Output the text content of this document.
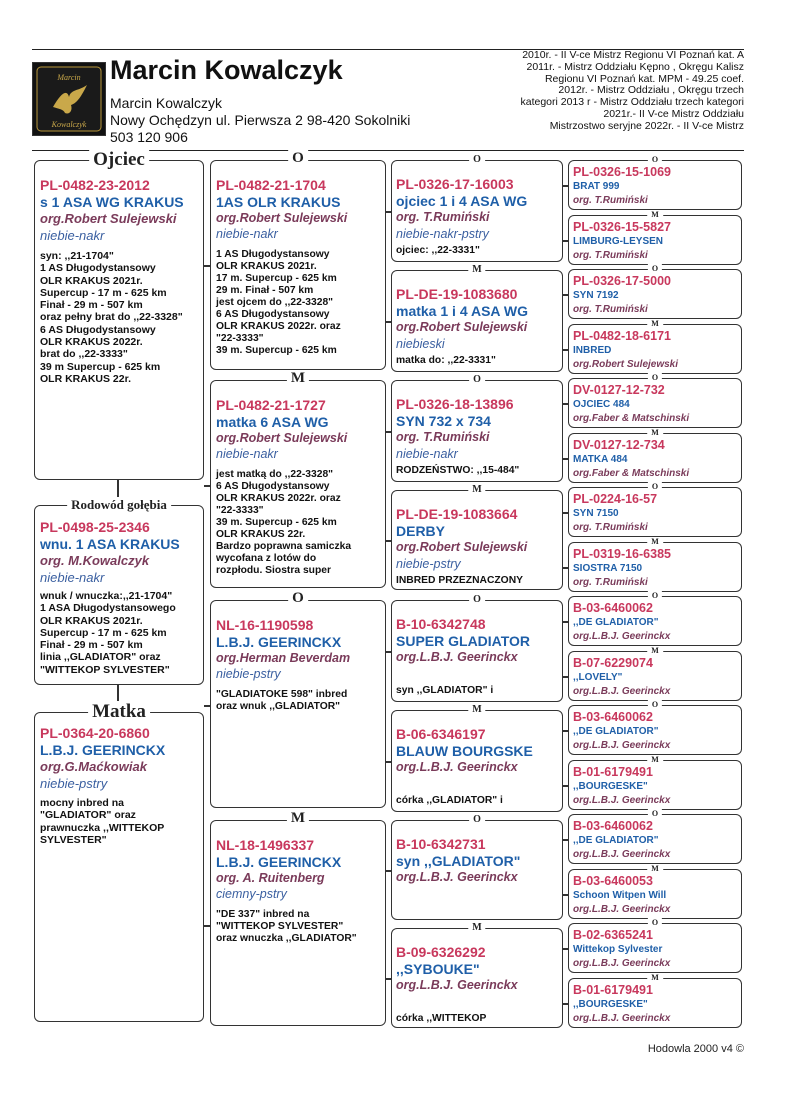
Marcin
Kowalczyk
Marcin Kowalczyk
Marcin Kowalczyk
Nowy Ochędzyn ul. Pierwsza 2 98-420 Sokolniki
503 120 906
2010r. - II V-ce Mistrz Regionu VI Poznań kat. A
2011r. - Mistrz Oddziału Kępno , Okręgu Kalisz
Regionu VI Poznań kat. MPM - 49.25 coef.
2012r. - Mistrz Oddziału , Okręgu trzech
kategori 2013 r - Mistrz Oddziału trzech kategori
2021r.- II V-ce Mistrz Oddziału
Mistrzostwo seryjne 2022r. - II V-ce Mistrz
Ojciec
PL-0482-23-2012
s 1 ASA WG KRAKUS
org.Robert Sulejewski
niebie-nakr
syn: ,,21-1704"
1 AS Długodystansowy
OLR KRAKUS 2021r.
Supercup - 17 m - 625 km
Finał - 29 m - 507 km
oraz pełny brat do ,,22-3328"
6 AS Długodystansowy
OLR KRAKUS 2022r.
brat do ,,22-3333"
39 m Supercup - 625 km
OLR KRAKUS 22r.
Rodowód gołębia
PL-0498-25-2346
wnu. 1 ASA KRAKUS
org. M.Kowalczyk
niebie-nakr
wnuk / wnuczka:,,21-1704"
1 ASA Długodystansowego
OLR KRAKUS 2021r.
Supercup - 17 m - 625 km
Finał - 29 m - 507 km
linia ,,GLADIATOR" oraz
"WITTEKOP SYLVESTER"
Matka
PL-0364-20-6860
L.B.J. GEERINCKX
org.G.Maćkowiak
niebie-pstry
mocny inbred na
"GLADIATOR" oraz
prawnuczka ,,WITTEKOP
SYLVESTER"
O
PL-0482-21-1704
1AS OLR KRAKUS
org.Robert Sulejewski
niebie-nakr
1 AS Długodystansowy
OLR KRAKUS 2021r.
17 m. Supercup - 625 km
29 m. Finał - 507 km
jest ojcem do ,,22-3328"
6 AS Długodystansowy
OLR KRAKUS 2022r. oraz
"22-3333"
39 m. Supercup - 625 km
M
PL-0482-21-1727
matka 6 ASA WG
org.Robert Sulejewski
niebie-nakr
jest matką do ,,22-3328"
6 AS Długodystansowy
OLR KRAKUS 2022r. oraz
"22-3333"
39 m. Supercup - 625 km
OLR KRAKUS 22r.
Bardzo poprawna samiczka
wycofana z lotów do
rozpłodu. Siostra super
O
NL-16-1190598
L.B.J. GEERINCKX
org.Herman Beverdam
niebie-pstry
"GLADIATOKE 598" inbred
oraz wnuk ,,GLADIATOR"
M
NL-18-1496337
L.B.J. GEERINCKX
org. A. Ruitenberg
ciemny-pstry
"DE 337" inbred na
"WITTEKOP SYLVESTER"
oraz wnuczka ,,GLADIATOR"
O
PL-0326-17-16003
ojciec 1 i 4 ASA WG
org. T.Rumiński
niebie-nakr-pstry
ojciec: ,,22-3331"
M
PL-DE-19-1083680
matka 1 i 4 ASA WG
org.Robert Sulejewski
niebieski
matka do: ,,22-3331"
O
PL-0326-18-13896
SYN 732 x 734
org. T.Rumiński
niebie-nakr
RODZEŃSTWO: ,,15-484"
M
PL-DE-19-1083664
DERBY
org.Robert Sulejewski
niebie-pstry
INBRED PRZEZNACZONY
O
B-10-6342748
SUPER GLADIATOR
org.L.B.J. Geerinckx
syn ,,GLADIATOR" i
M
B-06-6346197
BLAUW BOURGSKE
org.L.B.J. Geerinckx
córka ,,GLADIATOR" i
O
B-10-6342731
syn ,,GLADIATOR"
org.L.B.J. Geerinckx
M
B-09-6326292
,,SYBOUKE"
org.L.B.J. Geerinckx
córka ,,WITTEKOP
O
PL-0326-15-1069
BRAT 999
org. T.Rumiński
M
PL-0326-15-5827
LIMBURG-LEYSEN
org. T.Rumiński
O
PL-0326-17-5000
SYN 7192
org. T.Rumiński
M
PL-0482-18-6171
INBRED
org.Robert Sulejewski
O
DV-0127-12-732
OJCIEC 484
org.Faber & Matschinski
M
DV-0127-12-734
MATKA 484
org.Faber & Matschinski
O
PL-0224-16-57
SYN 7150
org. T.Rumiński
M
PL-0319-16-6385
SIOSTRA 7150
org. T.Rumiński
O
B-03-6460062
,,DE GLADIATOR"
org.L.B.J. Geerinckx
M
B-07-6229074
,,LOVELY"
org.L.B.J. Geerinckx
O
B-03-6460062
,,DE GLADIATOR"
org.L.B.J. Geerinckx
M
B-01-6179491
,,BOURGESKE"
org.L.B.J. Geerinckx
O
B-03-6460062
,,DE GLADIATOR"
org.L.B.J. Geerinckx
M
B-03-6460053
Schoon Witpen Will
org.L.B.J. Geerinckx
O
B-02-6365241
Wittekop Sylvester
org.L.B.J. Geerinckx
M
B-01-6179491
,,BOURGESKE"
org.L.B.J. Geerinckx
Hodowla 2000 v4 ©
